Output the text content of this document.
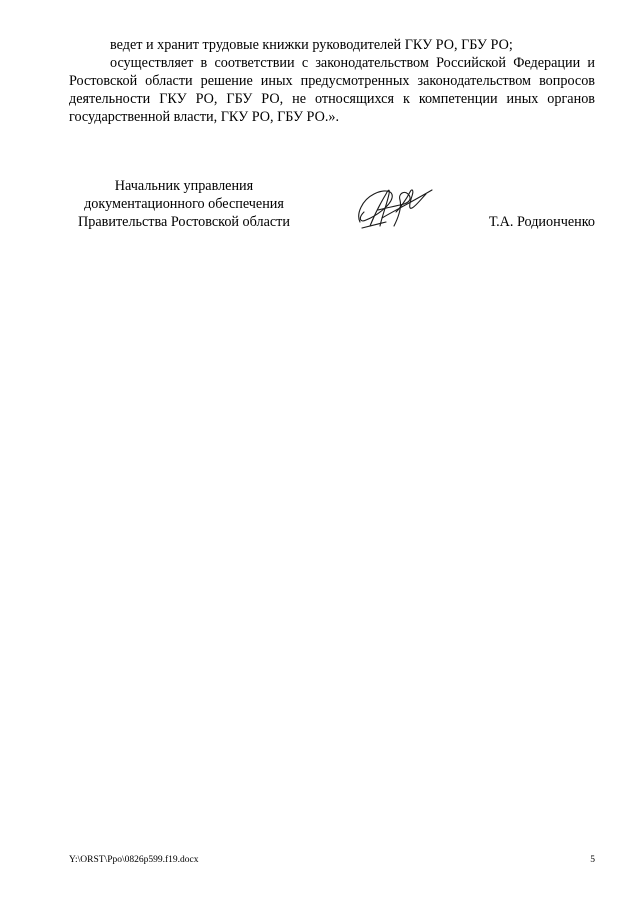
ведет и хранит трудовые книжки руководителей ГКУ РО, ГБУ РО;

осуществляет в соответствии с законодательством Российской Федерации и Ростовской области решение иных предусмотренных законодательством вопросов деятельности ГКУ РО, ГБУ РО, не относящихся к компетенции иных органов государственной власти, ГКУ РО, ГБУ РО.».

Начальник управления
документационного обеспечения
Правительства Ростовской области	Т.А. Родионченко
Y:\ORST\Ppo\0826p599.f19.docx	5
